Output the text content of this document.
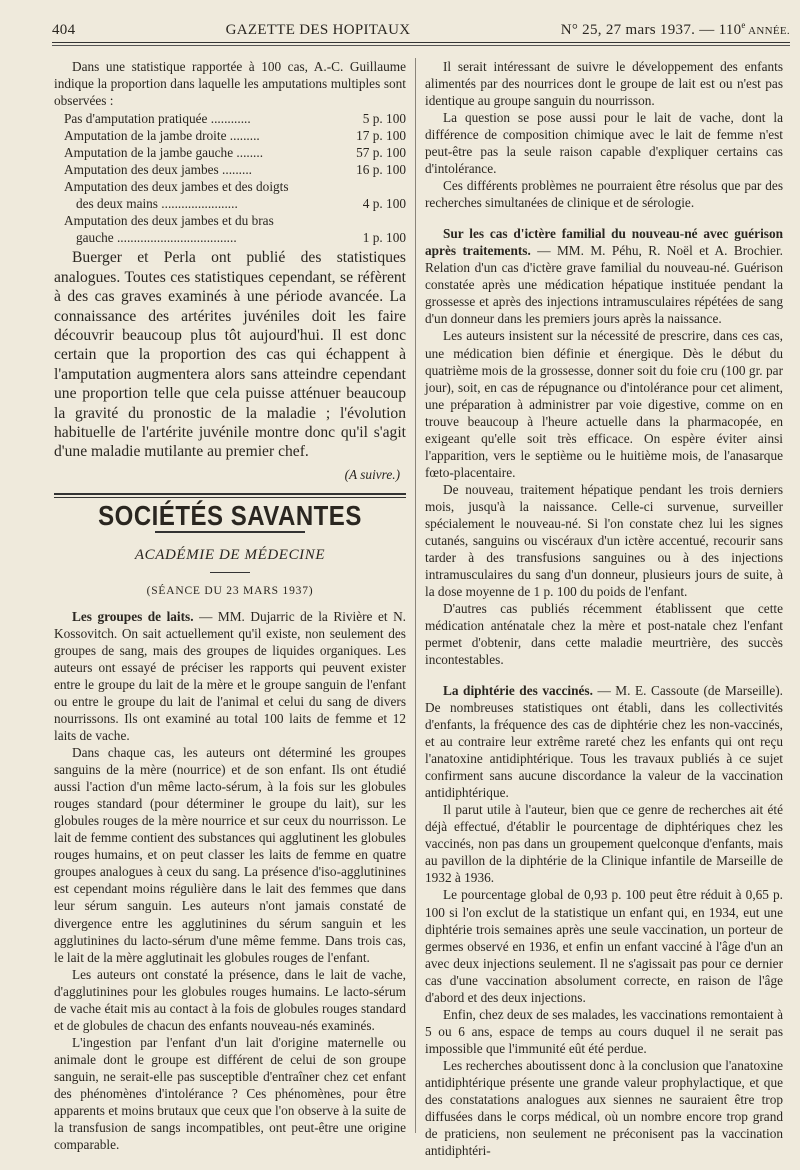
404	GAZETTE DES HOPITAUX	N° 25, 27 mars 1937. — 110e ANNÉE.

Dans une statistique rapportée à 100 cas, A.-C. Guillaume indique la proportion dans laquelle les amputations multiples sont observées :

Pas d'amputation pratiquée ............	5 p. 100
Amputation de la jambe droite .........	17 p. 100
Amputation de la jambe gauche ........	57 p. 100
Amputation des deux jambes .........	16 p. 100
Amputation des deux jambes et des doigts
des deux mains .......................	4 p. 100
Amputation des deux jambes et du bras
gauche ....................................	1 p. 100

Buerger et Perla ont publié des statistiques analogues. Toutes ces statistiques cependant, se réfèrent à des cas graves examinés à une période avancée. La connaissance des artérites juvéniles doit les faire découvrir beaucoup plus tôt aujourd'hui. Il est donc certain que la proportion des cas qui échappent à l'amputation augmentera alors sans atteindre cependant une proportion telle que cela puisse atténuer beaucoup la gravité du pronostic de la maladie ; l'évolution habituelle de l'artérite juvénile montre donc qu'il s'agit d'une maladie mutilante au premier chef.

(A suivre.)
SOCIÉTÉS SAVANTES
ACADÉMIE DE MÉDECINE
(SÉANCE DU 23 MARS 1937)

Les groupes de laits. — MM. Dujarric de la Rivière et N. Kossovitch. On sait actuellement qu'il existe, non seulement des groupes de sang, mais des groupes de liquides organiques. Les auteurs ont essayé de préciser les rapports qui peuvent exister entre le groupe du lait de la mère et le groupe sanguin de l'enfant ou entre le groupe du lait de l'animal et celui du sang de divers nourrissons. Ils ont examiné au total 100 laits de femme et 12 laits de vache.

Dans chaque cas, les auteurs ont déterminé les groupes sanguins de la mère (nourrice) et de son enfant. Ils ont étudié aussi l'action d'un même lacto-sérum, à la fois sur les globules rouges standard (pour déterminer le groupe du lait), sur les globules rouges de la mère nourrice et sur ceux du nourrisson. Le lait de femme contient des substances qui agglutinent les globules rouges humains, et on peut classer les laits de femme en quatre groupes analogues à ceux du sang. La présence d'iso-agglutinines est cependant moins régulière dans le lait des femmes que dans leur sérum sanguin. Les auteurs n'ont jamais constaté de divergence entre les agglutinines du sérum sanguin et les agglutinines du lacto-sérum d'une même femme. Dans trois cas, le lait de la mère agglutinait les globules rouges de l'enfant.

Les auteurs ont constaté la présence, dans le lait de vache, d'agglutinines pour les globules rouges humains. Le lacto-sérum de vache était mis au contact à la fois de globules rouges standard et de globules de chacun des enfants nouveau-nés examinés.

L'ingestion par l'enfant d'un lait d'origine maternelle ou animale dont le groupe est différent de celui de son groupe sanguin, ne serait-elle pas susceptible d'entraîner chez cet enfant des phénomènes d'intolérance ? Ces phénomènes, pour être apparents et moins brutaux que ceux que l'on observe à la suite de la transfusion de sangs incompatibles, ont peut-être une origine comparable.

Il serait intéressant de suivre le développement des enfants alimentés par des nourrices dont le groupe de lait est ou n'est pas identique au groupe sanguin du nourrisson.

La question se pose aussi pour le lait de vache, dont la différence de composition chimique avec le lait de femme n'est peut-être pas la seule raison capable d'expliquer certains cas d'intolérance.

Ces différents problèmes ne pourraient être résolus que par des recherches simultanées de clinique et de sérologie.

Sur les cas d'ictère familial du nouveau-né avec guérison après traitements. — MM. M. Péhu, R. Noël et A. Brochier. Relation d'un cas d'ictère grave familial du nouveau-né. Guérison constatée après une médication hépatique instituée pendant la grossesse et après des injections intramusculaires répétées de sang d'un donneur dans les premiers jours après la naissance.

Les auteurs insistent sur la nécessité de prescrire, dans ces cas, une médication bien définie et énergique. Dès le début du quatrième mois de la grossesse, donner soit du foie cru (100 gr. par jour), soit, en cas de répugnance ou d'intolérance pour cet aliment, une préparation à administrer par voie digestive, comme on en trouve beaucoup à l'heure actuelle dans la pharmacopée, en exigeant qu'elle soit très efficace. On espère éviter ainsi l'apparition, vers le septième ou le huitième mois, de l'anasarque fœto-placentaire.

De nouveau, traitement hépatique pendant les trois derniers mois, jusqu'à la naissance. Celle-ci survenue, surveiller spécialement le nouveau-né. Si l'on constate chez lui les signes cutanés, sanguins ou viscéraux d'un ictère accentué, recourir sans tarder à des transfusions sanguines ou à des injections intramusculaires du sang d'un donneur, plusieurs jours de suite, à la dose moyenne de 1 p. 100 du poids de l'enfant.

D'autres cas publiés récemment établissent que cette médication anténatale chez la mère et post-natale chez l'enfant permet d'obtenir, dans cette maladie meurtrière, des succès incontestables.

La diphtérie des vaccinés. — M. E. Cassoute (de Marseille). De nombreuses statistiques ont établi, dans les collectivités d'enfants, la fréquence des cas de diphtérie chez les non-vaccinés, et au contraire leur extrême rareté chez les enfants qui ont reçu l'anatoxine antidiphtérique. Tous les travaux publiés à ce sujet confirment sans aucune discordance la valeur de la vaccination antidiphtérique.

Il parut utile à l'auteur, bien que ce genre de recherches ait été déjà effectué, d'établir le pourcentage de diphtériques chez les vaccinés, non pas dans un groupement quelconque d'enfants, mais au pavillon de la diphtérie de la Clinique infantile de Marseille de 1932 à 1936.

Le pourcentage global de 0,93 p. 100 peut être réduit à 0,65 p. 100 si l'on exclut de la statistique un enfant qui, en 1934, eut une diphtérie trois semaines après une seule vaccination, un porteur de germes observé en 1936, et enfin un enfant vacciné à l'âge d'un an avec deux injections seulement. Il ne s'agissait pas pour ce dernier cas d'une vaccination absolument correcte, en raison de l'âge d'abord et des deux injections.

Enfin, chez deux de ses malades, les vaccinations remontaient à 5 ou 6 ans, espace de temps au cours duquel il ne serait pas impossible que l'immunité eût été perdue.

Les recherches aboutissent donc à la conclusion que l'anatoxine antidiphtérique présente une grande valeur prophylactique, et que des constatations analogues aux siennes ne sauraient être trop diffusées dans le corps médical, où un nombre encore trop grand de praticiens, non seulement ne préconisent pas la vaccination antidiphtéri-
